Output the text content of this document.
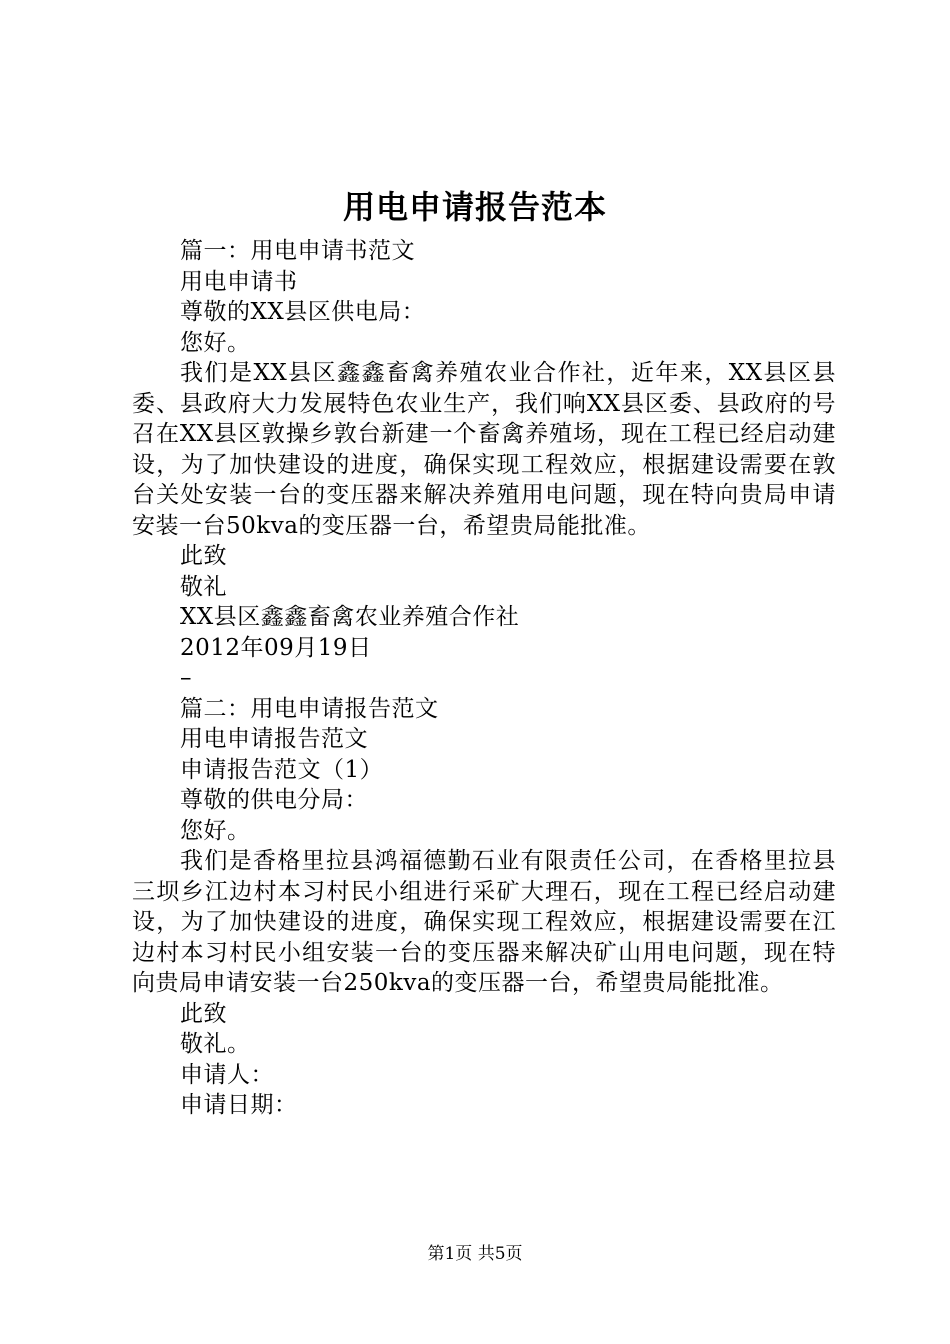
用电申请报告范本

篇一：用电申请书范文

用电申请书

尊敬的XX县区供电局：

您好。

我们是XX县区鑫鑫畜禽养殖农业合作社，近年来，XX县区县委、县政府大力发展特色农业生产，我们响XX县区委、县政府的号召在XX县区敦操乡敦台新建一个畜禽养殖场，现在工程已经启动建设，为了加快建设的进度，确保实现工程效应，根据建设需要在敦台关处安装一台的变压器来解决养殖用电问题，现在特向贵局申请安装一台50kva的变压器一台，希望贵局能批准。

此致

敬礼

XX县区鑫鑫畜禽农业养殖合作社

2012年09月19日

–

篇二：用电申请报告范文

用电申请报告范文

申请报告范文（1）

尊敬的供电分局：

您好。

我们是香格里拉县鸿福德勤石业有限责任公司，在香格里拉县三坝乡江边村本习村民小组进行采矿大理石，现在工程已经启动建设，为了加快建设的进度，确保实现工程效应，根据建设需要在江边村本习村民小组安装一台的变压器来解决矿山用电问题，现在特向贵局申请安装一台250kva的变压器一台，希望贵局能批准。

此致

敬礼。

申请人：

申请日期：

第1页 共5页
